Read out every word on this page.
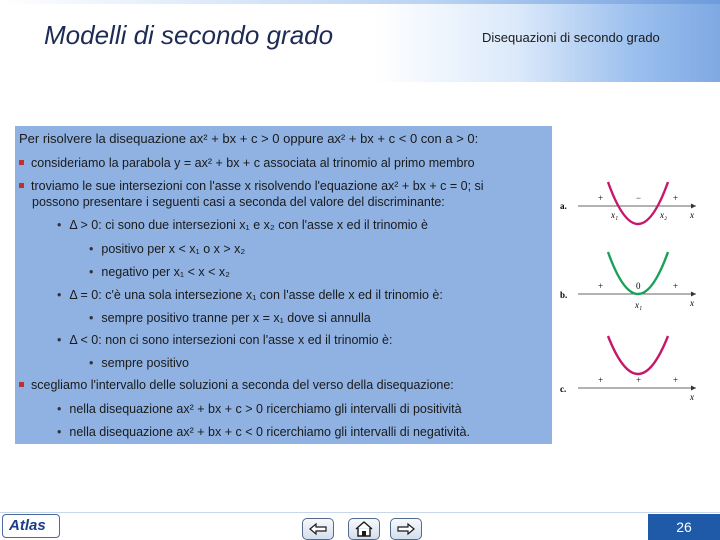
Modelli di secondo grado	Disequazioni di secondo grado
Per risolvere la disequazione ax² + bx + c > 0 oppure ax² + bx + c < 0 con a > 0:
consideriamo la parabola y = ax² + bx + c associata al trinomio al primo membro
troviamo le sue intersezioni con l'asse x risolvendo l'equazione ax² + bx + c = 0; si
possono presentare i seguenti casi a seconda del valore del discriminante:
• Δ > 0: ci sono due intersezioni x₁ e x₂ con l'asse x ed il trinomio è
• positivo per x < x₁ o x > x₂
• negativo per x₁ < x < x₂
• Δ = 0: c'è una sola intersezione x₁ con l'asse delle x ed il trinomio è:
• sempre positivo tranne per x = x₁ dove si annulla
• Δ < 0: non ci sono intersezioni con l'asse x ed il trinomio è:
• sempre positivo
scegliamo l'intervallo delle soluzioni a seconda del verso della disequazione:
• nella disequazione ax² + bx + c > 0 ricerchiamo gli intervalli di positività
• nella disequazione ax² + bx + c < 0 ricerchiamo gli intervalli di negatività.
a.
+	−	+
x₁	x₂	x
b.
+	0	+
x₁	x
c.
+	+	+
x
Atlas	26
